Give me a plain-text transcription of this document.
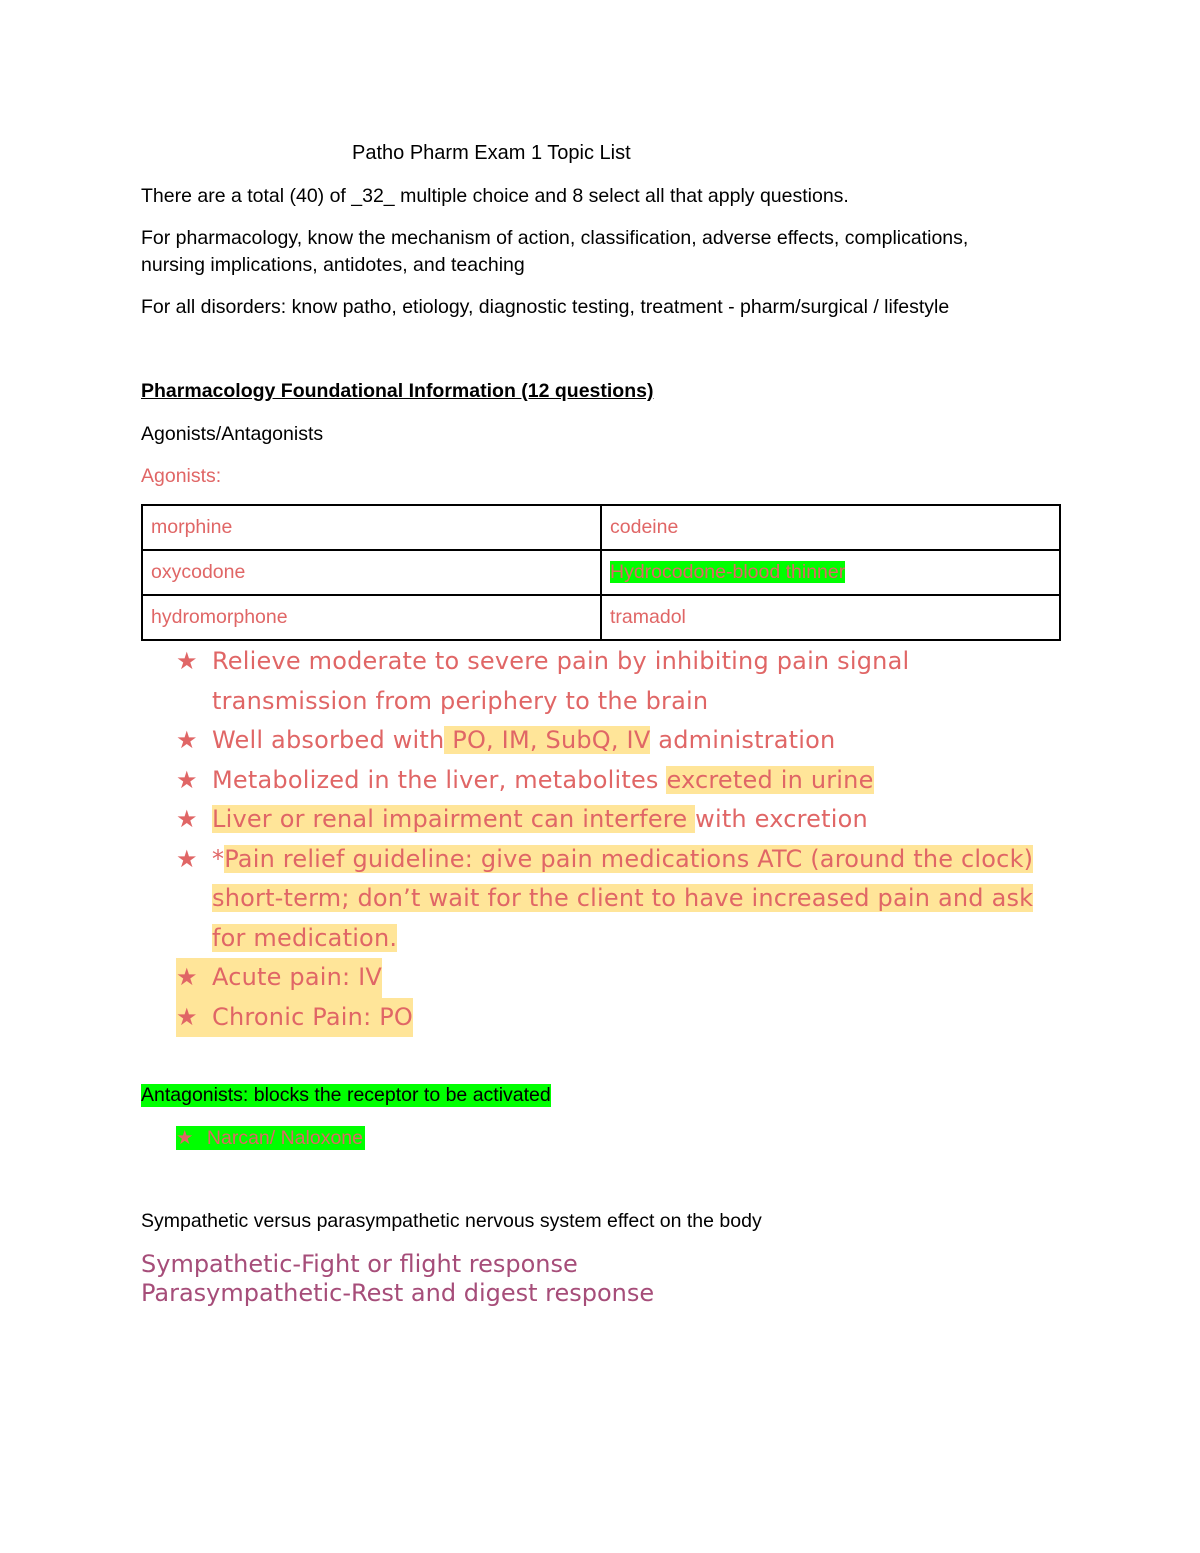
Patho Pharm Exam 1 Topic List
There are a total (40) of _32_ multiple choice and 8 select all that apply questions.
For pharmacology, know the mechanism of action, classification, adverse effects, complications,
nursing implications, antidotes, and teaching
For all disorders: know patho, etiology, diagnostic testing, treatment - pharm/surgical / lifestyle
Pharmacology Foundational Information (12 questions)
Agonists/Antagonists
Agonists:
morphine	codeine
oxycodone	Hydrocodone-blood thinner
hydromorphone	tramadol
★ Relieve moderate to severe pain by inhibiting pain signal
transmission from periphery to the brain
★ Well absorbed with PO, IM, SubQ, IV administration
★ Metabolized in the liver, metabolites excreted in urine
★ Liver or renal impairment can interfere with excretion
★ *Pain relief guideline: give pain medications ATC (around the clock)
short-term; don’t wait for the client to have increased pain and ask
for medication.
★ Acute pain: IV

★ Chronic Pain: PO
Antagonists: blocks the receptor to be activated
★ Narcan/ Naloxone
Sympathetic versus parasympathetic nervous system effect on the body
Sympathetic-Fight or flight response
Parasympathetic-Rest and digest response
